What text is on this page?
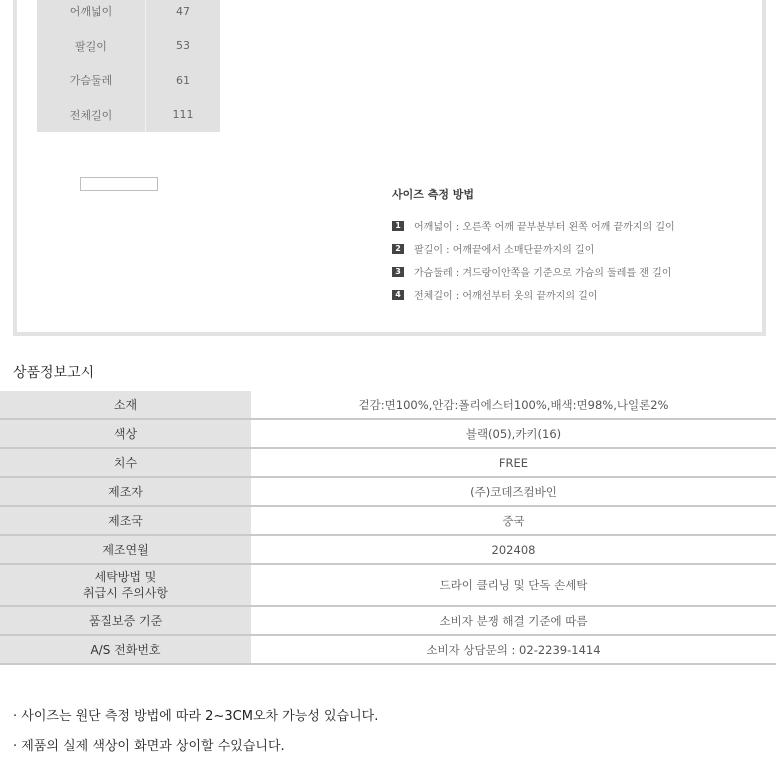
어깨넓이	47
팔길이	53
가슴둘레	61
전체길이	111
사이즈 측정 방법
1	어깨넓이 : 오른쪽 어깨 끝부분부터 왼쪽 어깨 끝까지의 길이
2	팔길이 : 어깨끝에서 소매단끝까지의 길이
3	가슴둘레 : 겨드랑이안쪽을 기준으로 가슴의 둘레를 잰 길이
4	전체길이 : 어깨선부터 옷의 끝까지의 길이
상품정보고시
소재	겉감:면100%,안감:폴리에스터100%,배색:면98%,나일론2%
색상	블랙(05),카키(16)
치수	FREE
제조자	(주)코데즈컴바인
제조국	중국
제조연월	202408
세탁방법 및
취급시 주의사항	드라이 클리닝 및 단독 손세탁
품질보증 기준	소비자 분쟁 해결 기준에 따름
A/S 전화번호	소비자 상담문의 : 02-2239-1414
· 사이즈는 원단 측정 방법에 따라 2~3CM오차 가능성 있습니다.
· 제품의 실제 색상이 화면과 상이할 수있습니다.
